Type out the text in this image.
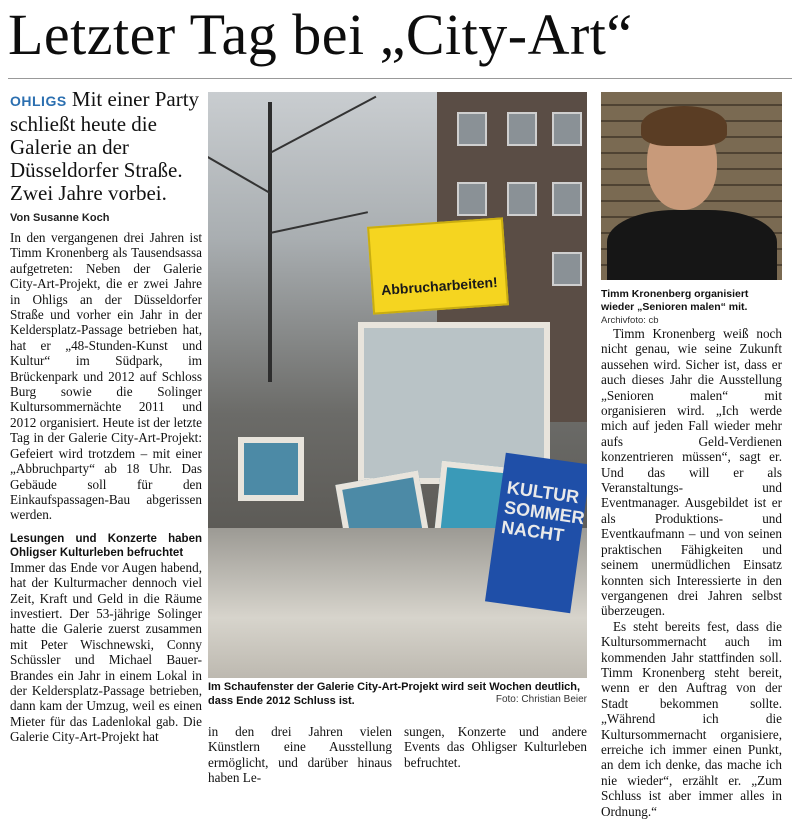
Letzter Tag bei „City-Art“
OHLIGS Mit einer Party schließt heute die Galerie an der Düsseldorfer Straße. Zwei Jahre vorbei.
Von Susanne Koch

In den vergangenen drei Jahren ist Timm Kronenberg als Tausendsassa aufgetreten: Neben der Galerie City-Art-Projekt, die er zwei Jahre in Ohligs an der Düsseldorfer Straße und vorher ein Jahr in der Keldersplatz-Passage betrieben hat, hat er „48-Stunden-Kunst und Kultur“ im Südpark, im Brückenpark und 2012 auf Schloss Burg sowie die Solinger Kultursommernächte 2011 und 2012 organisiert. Heute ist der letzte Tag in der Galerie City-Art-Projekt: Gefeiert wird trotzdem – mit einer „Abbruchparty“ ab 18 Uhr. Das Gebäude soll für den Einkaufspassagen-Bau abgerissen werden.

Lesungen und Konzerte haben Ohligser Kulturleben befruchtet

Immer das Ende vor Augen habend, hat der Kulturmacher dennoch viel Zeit, Kraft und Geld in die Räume investiert. Der 53-jährige Solinger hatte die Galerie zuerst zusammen mit Peter Wischnewski, Conny Schüssler und Michael Bauer-Brandes ein Jahr in einem Lokal in der Keldersplatz-Passage betrieben, dann kam der Umzug, weil es einen Mieter für das Ladenlokal gab. Die Galerie City-Art-Projekt hat

KULTUR SOMMER NACHT
Abbrucharbeiten!
Im Schaufenster der Galerie City-Art-Projekt wird seit Wochen deutlich, dass Ende 2012 Schluss ist.	Foto: Christian Beier

in den drei Jahren vielen Künstlern eine Ausstellung ermöglicht, und darüber hinaus haben Le-

sungen, Konzerte und andere Events das Ohligser Kulturleben befruchtet.

Timm Kronenberg organisiert wieder „Senioren malen“ mit. Archivfoto: cb

Timm Kronenberg weiß noch nicht genau, wie seine Zukunft aussehen wird. Sicher ist, dass er auch dieses Jahr die Ausstellung „Senioren malen“ mit organisieren wird. „Ich werde mich auf jeden Fall wieder mehr aufs Geld-Verdienen konzentrieren müssen“, sagt er. Und das will er als Veranstaltungs- und Eventmanager. Ausgebildet ist er als Produktions- und Eventkaufmann – und von seinen praktischen Fähigkeiten und seinem unermüdlichen Einsatz konnten sich Interessierte in den vergangenen drei Jahren selbst überzeugen.

Es steht bereits fest, dass die Kultursommernacht auch im kommenden Jahr stattfinden soll. Timm Kronenberg steht bereit, wenn er den Auftrag von der Stadt bekommen sollte. „Während ich die Kultursommernacht organisiere, erreiche ich immer einen Punkt, an dem ich denke, das mache ich nie wieder“, erzählt er. „Zum Schluss ist aber immer alles in Ordnung.“
